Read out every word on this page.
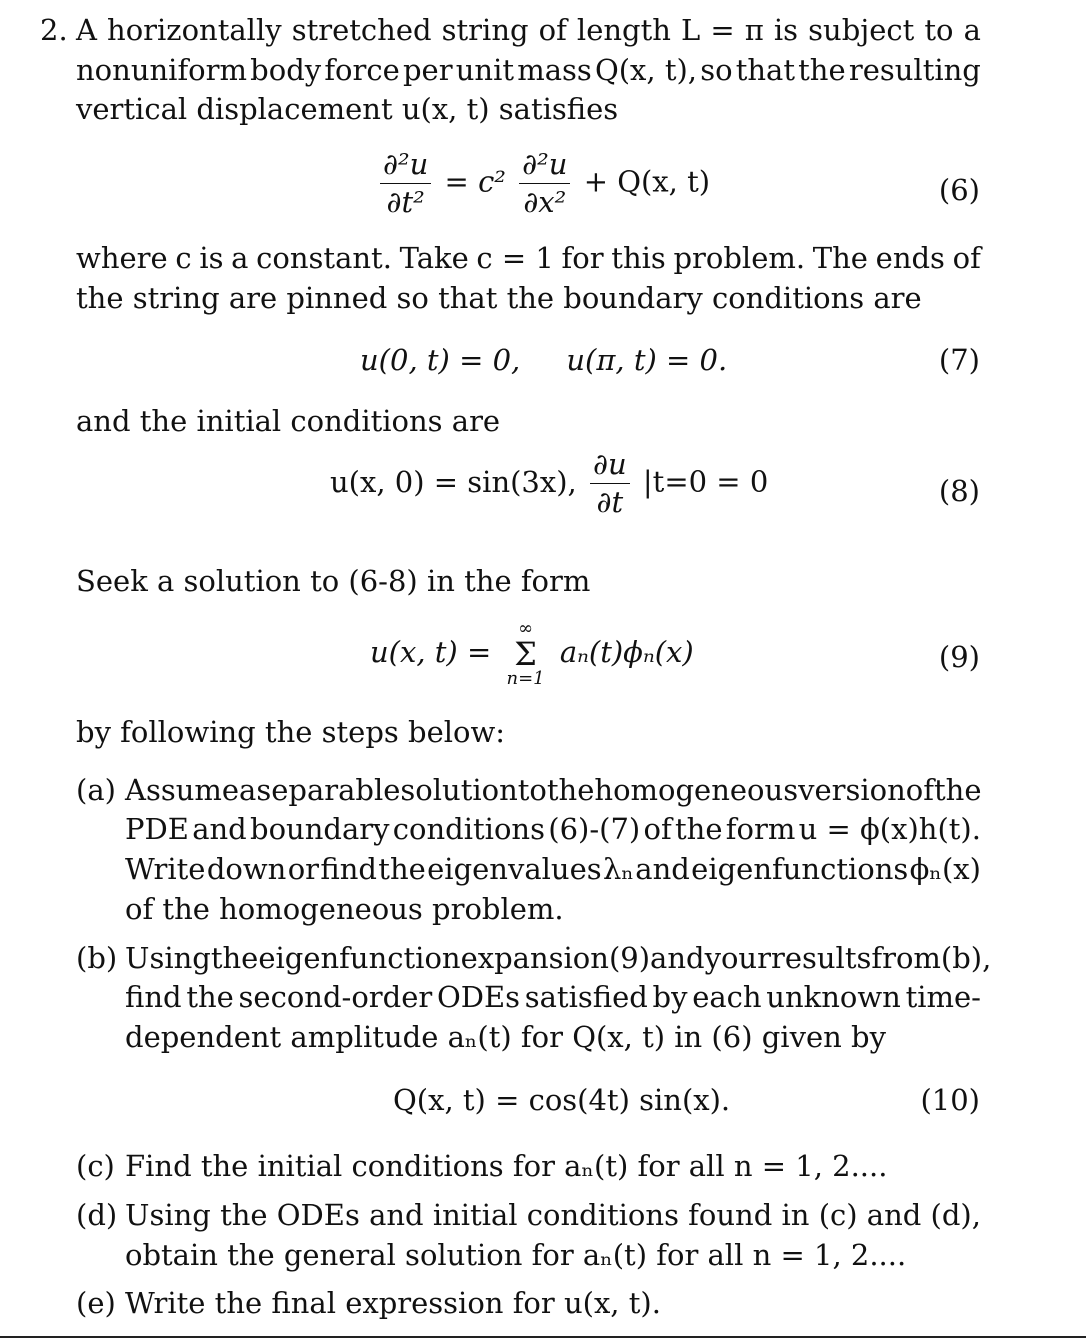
2. A horizontally stretched string of length L = π is subject to a
nonuniform body force per unit mass Q(x, t), so that the resulting
vertical displacement u(x, t) satisfies
$\frac{\text{∂²u}}{\text{∂t²}} = c^2 \frac{\text{∂²u}}{\text{∂x²}} + Q(x$, t)	(6)
where c is a constant. Take c = 1 for this problem. The ends of
the string are pinned so that the boundary conditions are
u(0, t) = 0,     u(π, t) = 0.	(7)
and the initial conditions are
u(x, 0) = sin(3x), $\frac{\partial u}{\partial t} |t=0 = 0$	(8)
Seek a solution to (6-8) in the form
u(x, t) =
∞
Σ
n=1
aₙ(t)ϕₙ(x)	(9)
by following the steps below:
(a) Assume a separable solution to the homogeneous version of the
PDE and boundary conditions (6)-(7) of the form u = ϕ(x)h(t).
Write down or find the eigenvalues λₙ and eigenfunctions ϕₙ(x)
of the homogeneous problem.
(b) Using the eigenfunction expansion (9) and your results from (b),
find the second-order ODEs satisfied by each unknown time-
dependent amplitude aₙ(t) for Q(x, t) in (6) given by
Q(x, t) = cos(4t) sin(x).	(10)
(c) Find the initial conditions for aₙ(t) for all n = 1, 2....
(d) Using the ODEs and initial conditions found in (c) and (d),
obtain the general solution for aₙ(t) for all n = 1, 2....
(e) Write the final expression for u(x, t).
